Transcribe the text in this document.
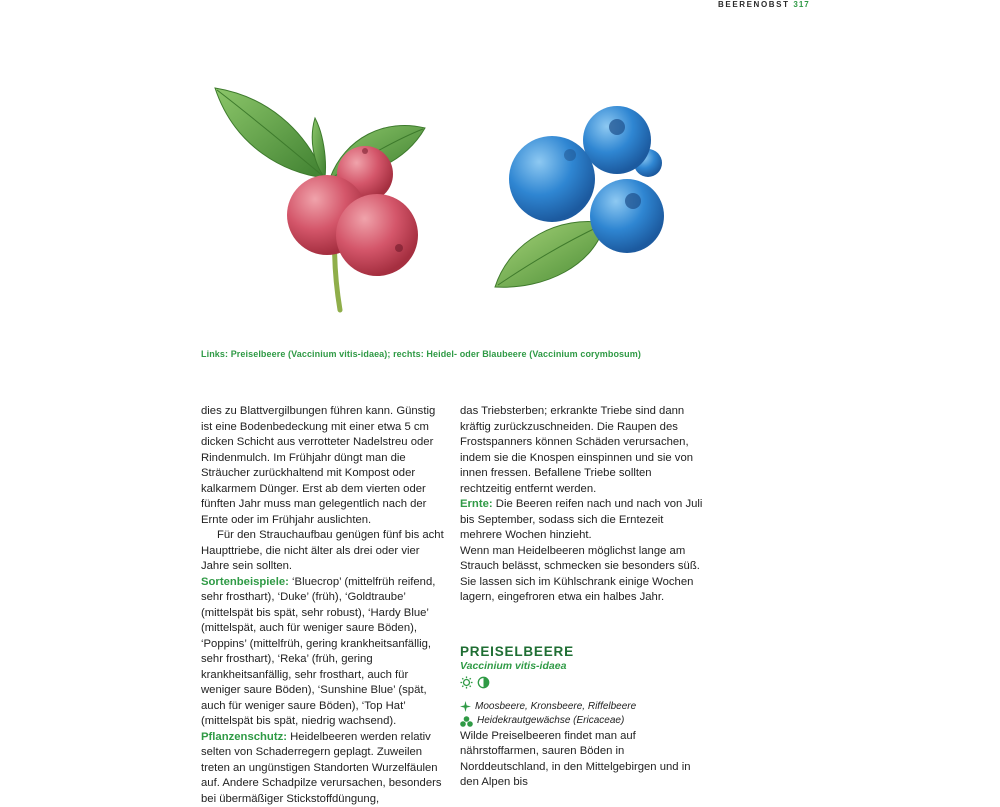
BEERENOBST 317
Links: Preiselbeere (Vaccinium vitis-idaea); rechts: Heidel- oder Blaubeere (Vaccinium corymbosum)

dies zu Blattvergilbungen führen kann. Günstig ist eine Bodenbedeckung mit einer etwa 5 cm dicken Schicht aus verrotteter Nadelstreu oder Rindenmulch. Im Frühjahr düngt man die Sträucher zurückhaltend mit Kompost oder kalkarmem Dünger. Erst ab dem vierten oder fünften Jahr muss man gelegentlich nach der Ernte oder im Frühjahr auslichten.

Für den Strauchaufbau genügen fünf bis acht Haupttriebe, die nicht älter als drei oder vier Jahre sein sollten.

Sortenbeispiele: ‘Bluecrop’ (mittelfrüh reifend, sehr frosthart), ‘Duke’ (früh), ‘Goldtraube’ (mittelspät bis spät, sehr robust), ‘Hardy Blue’ (mittelspät, auch für weniger saure Böden), ‘Poppins’ (mittelfrüh, gering krankheitsanfällig, sehr frosthart), ‘Reka’ (früh, gering krankheitsanfällig, sehr frosthart, auch für weniger saure Böden), ‘Sunshine Blue’ (spät, auch für weniger saure Böden), ‘Top Hat’ (mittelspät bis spät, niedrig wachsend).

Pflanzenschutz: Heidelbeeren werden relativ selten von Schaderregern geplagt. Zuweilen treten an ungünstigen Standorten Wurzelfäulen auf. Andere Schadpilze verursachen, besonders bei übermäßiger Stickstoffdüngung,

das Triebsterben; erkrankte Triebe sind dann kräftig zurückzuschneiden. Die Raupen des Frostspanners können Schäden verursachen, indem sie die Knospen einspinnen und sie von innen fressen. Befallene Triebe sollten rechtzeitig entfernt werden.

Ernte: Die Beeren reifen nach und nach von Juli bis September, sodass sich die Erntezeit mehrere Wochen hinzieht.

Wenn man Heidelbeeren möglichst lange am Strauch belässt, schmecken sie besonders süß. Sie lassen sich im Kühlschrank einige Wochen lagern, eingefroren etwa ein halbes Jahr.

PREISELBEERE
Vaccinium vitis-idaea
Moosbeere, Kronsbeere, Riffelbeere
Heidekrautgewächse (Ericaceae)

Wilde Preiselbeeren findet man auf nährstoffarmen, sauren Böden in Norddeutschland, in den Mittelgebirgen und in den Alpen bis
